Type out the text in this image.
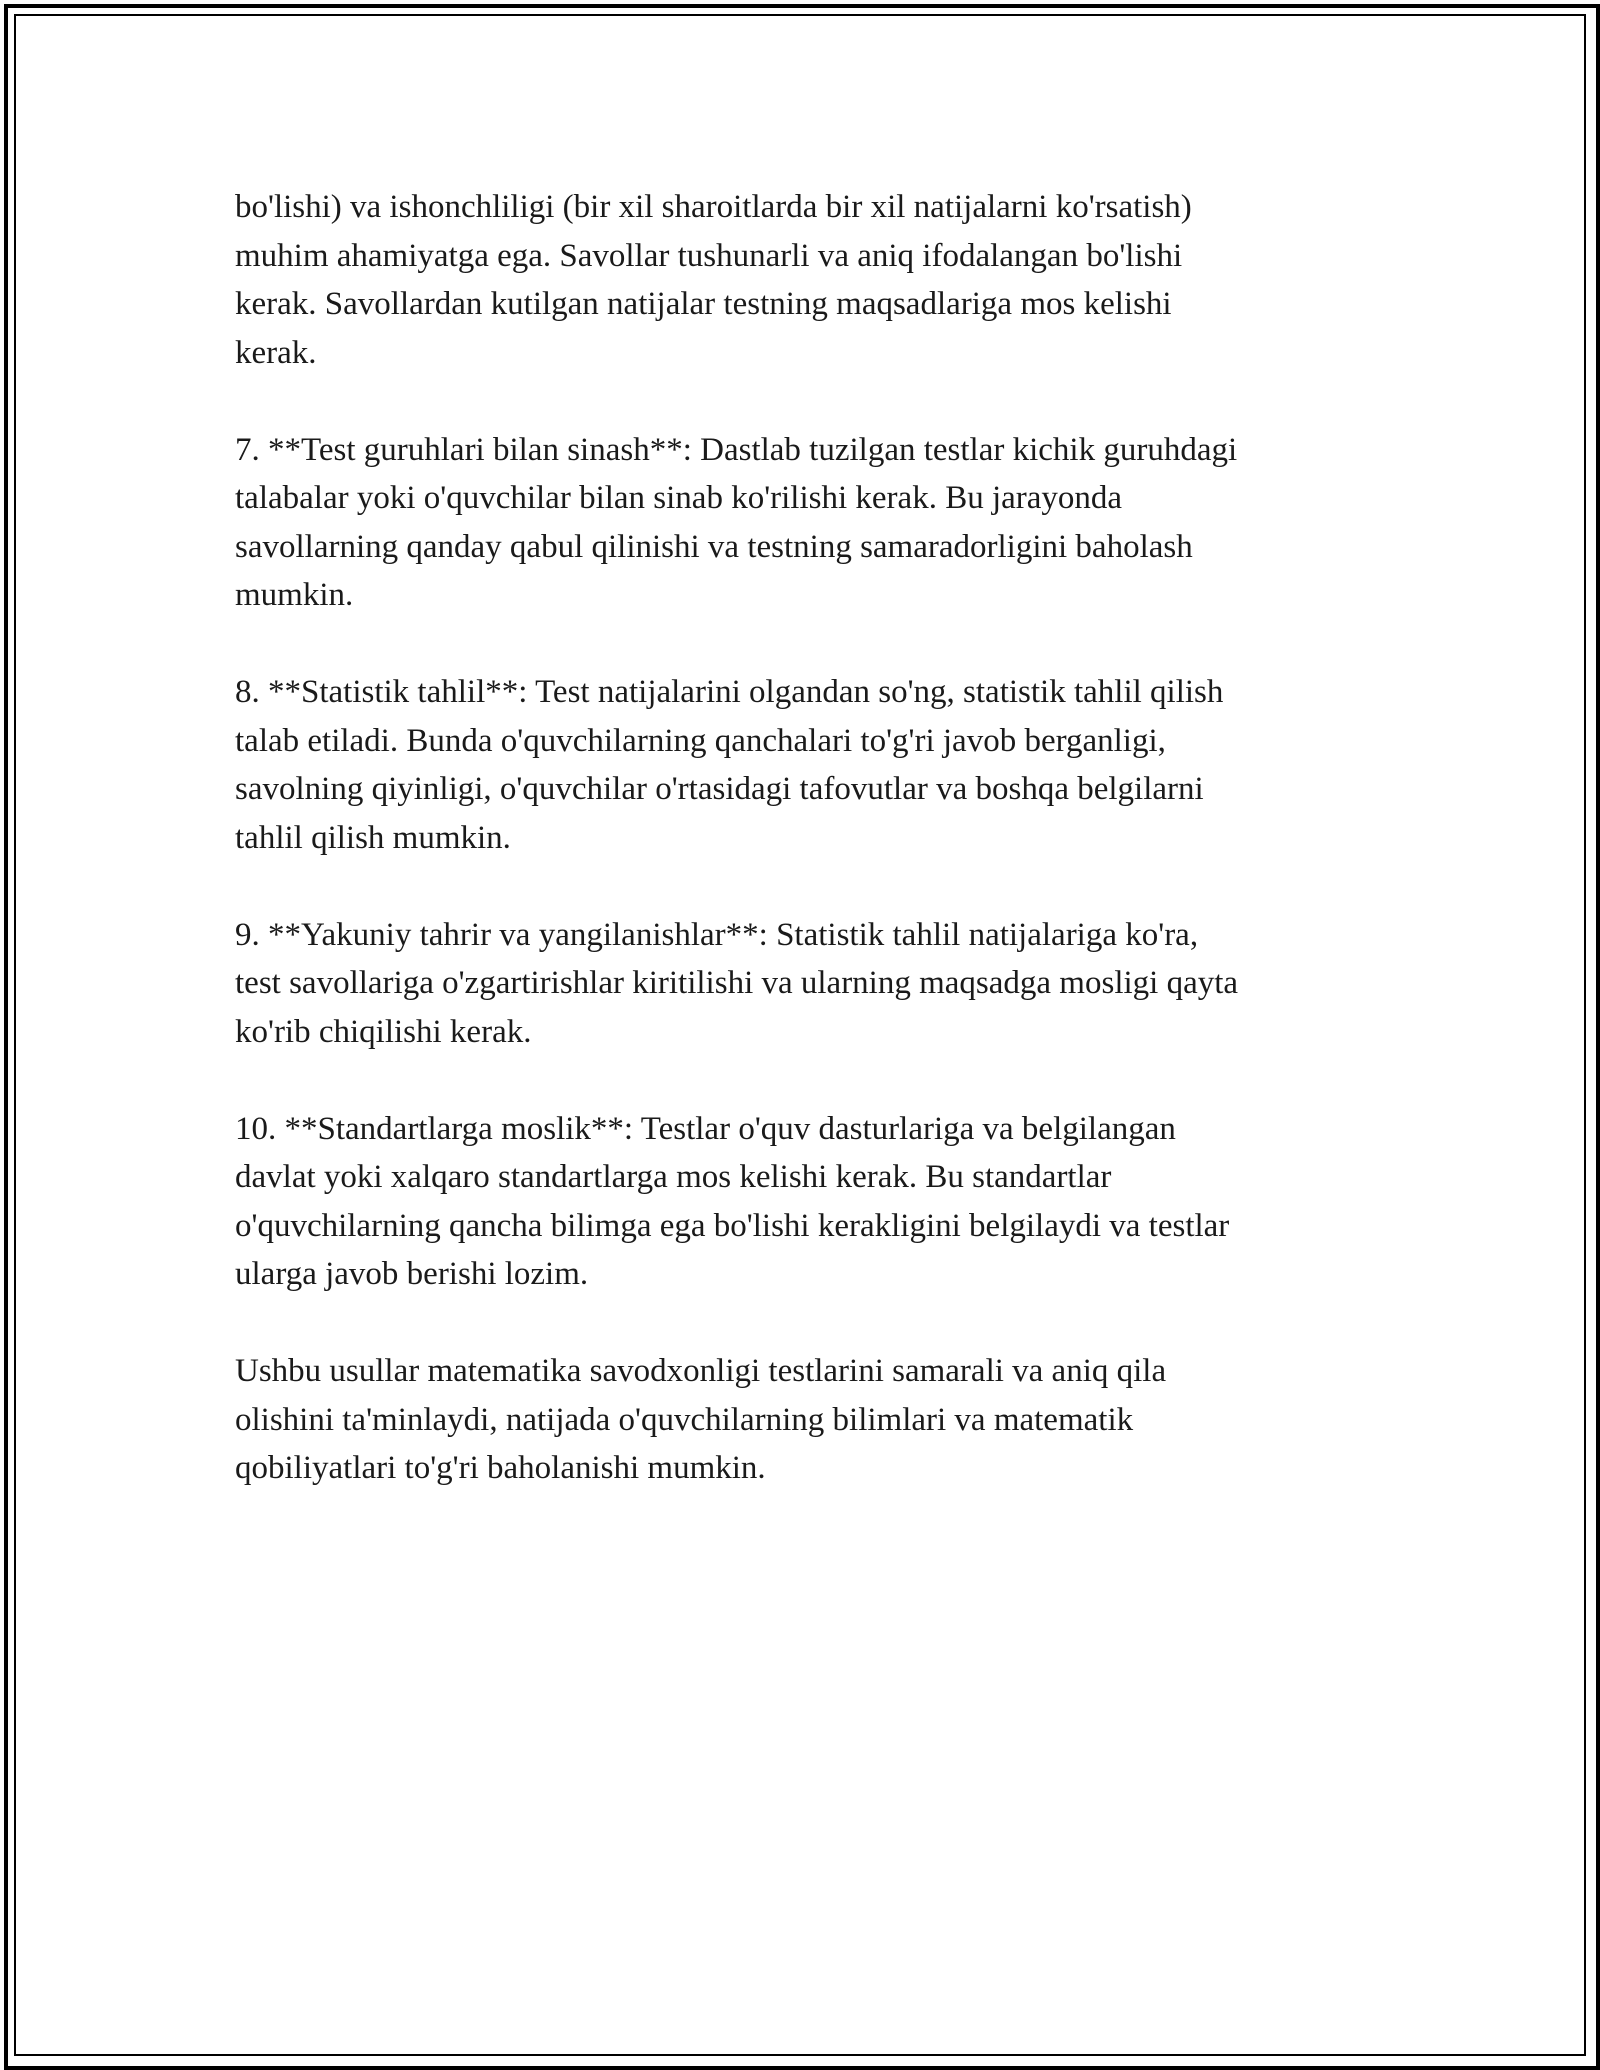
bo'lishi) va ishonchliligi (bir xil sharoitlarda bir xil natijalarni ko'rsatish)
muhim ahamiyatga ega. Savollar tushunarli va aniq ifodalangan bo'lishi
kerak. Savollardan kutilgan natijalar testning maqsadlariga mos kelishi
kerak.

7. **Test guruhlari bilan sinash**: Dastlab tuzilgan testlar kichik guruhdagi
talabalar yoki o'quvchilar bilan sinab ko'rilishi kerak. Bu jarayonda
savollarning qanday qabul qilinishi va testning samaradorligini baholash
mumkin.

8. **Statistik tahlil**: Test natijalarini olgandan so'ng, statistik tahlil qilish
talab etiladi. Bunda o'quvchilarning qanchalari to'g'ri javob berganligi,
savolning qiyinligi, o'quvchilar o'rtasidagi tafovutlar va boshqa belgilarni
tahlil qilish mumkin.

9. **Yakuniy tahrir va yangilanishlar**: Statistik tahlil natijalariga ko'ra,
test savollariga o'zgartirishlar kiritilishi va ularning maqsadga mosligi qayta
ko'rib chiqilishi kerak.

10. **Standartlarga moslik**: Testlar o'quv dasturlariga va belgilangan
davlat yoki xalqaro standartlarga mos kelishi kerak. Bu standartlar
o'quvchilarning qancha bilimga ega bo'lishi kerakligini belgilaydi va testlar
ularga javob berishi lozim.

Ushbu usullar matematika savodxonligi testlarini samarali va aniq qila
olishini ta'minlaydi, natijada o'quvchilarning bilimlari va matematik
qobiliyatlari to'g'ri baholanishi mumkin.
